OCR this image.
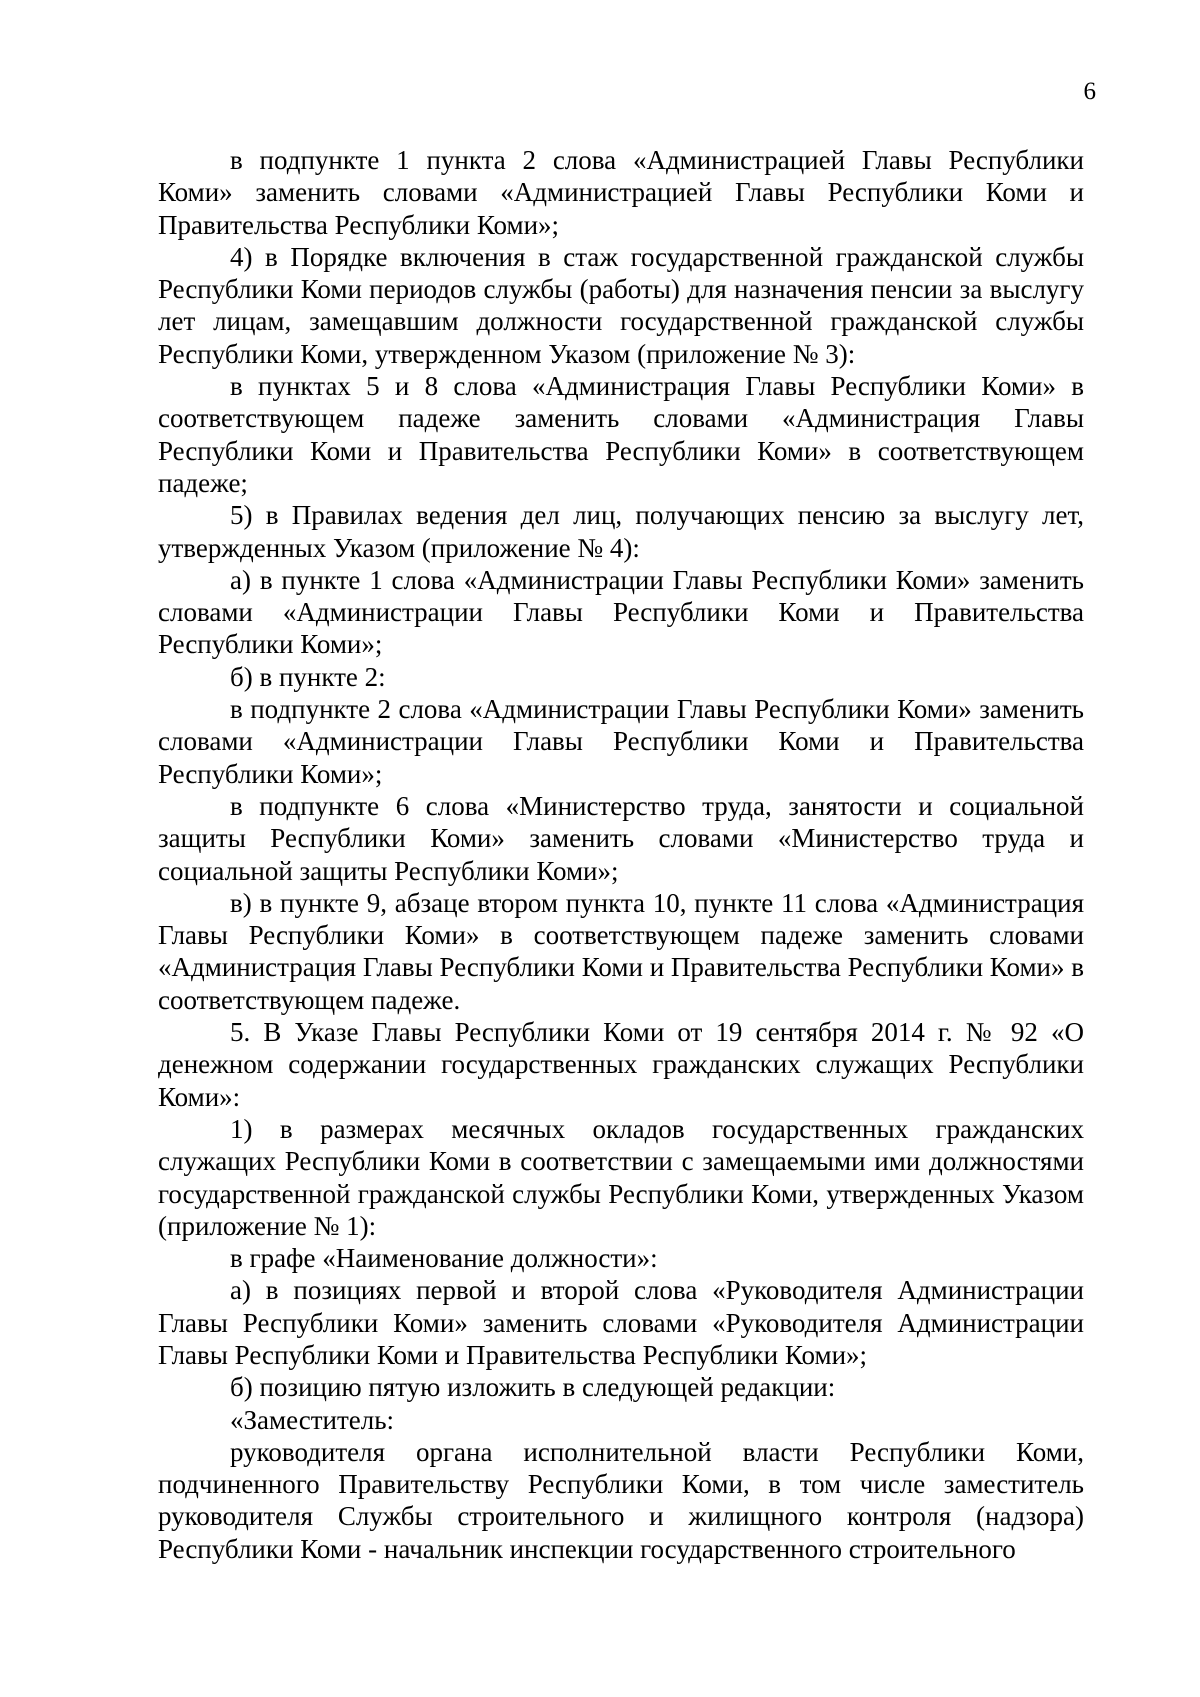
6

в подпункте 1 пункта 2 слова «Администрацией Главы Республики Коми» заменить словами «Администрацией Главы Республики Коми и Правительства Республики Коми»;

4) в Порядке включения в стаж государственной гражданской службы Республики Коми периодов службы (работы) для назначения пенсии за выслугу лет лицам, замещавшим должности государственной гражданской службы Республики Коми, утвержденном Указом (приложение № 3):

в пунктах 5 и 8 слова «Администрация Главы Республики Коми» в соответствующем падеже заменить словами «Администрация Главы Республики Коми и Правительства Республики Коми» в соответствующем падеже;

5) в Правилах ведения дел лиц, получающих пенсию за выслугу лет, утвержденных Указом (приложение № 4):

а) в пункте 1 слова «Администрации Главы Республики Коми» заменить словами «Администрации Главы Республики Коми и Правительства Республики Коми»;

б) в пункте 2:

в подпункте 2 слова «Администрации Главы Республики Коми» заменить словами «Администрации Главы Республики Коми и Правительства Республики Коми»;

в подпункте 6 слова «Министерство труда, занятости и социальной защиты Республики Коми» заменить словами «Министерство труда и социальной защиты Республики Коми»;

в) в пункте 9, абзаце втором пункта 10, пункте 11 слова «Администрация Главы Республики Коми» в соответствующем падеже заменить словами «Администрация Главы Республики Коми и Правительства Республики Коми» в соответствующем падеже.

5. В Указе Главы Республики Коми от 19 сентября 2014 г. № 92 «О денежном содержании государственных гражданских служащих Республики Коми»:

1) в размерах месячных окладов государственных гражданских служащих Республики Коми в соответствии с замещаемыми ими должностями государственной гражданской службы Республики Коми, утвержденных Указом (приложение № 1):

в графе «Наименование должности»:

а) в позициях первой и второй слова «Руководителя Администрации Главы Республики Коми» заменить словами «Руководителя Администрации Главы Республики Коми и Правительства Республики Коми»;

б) позицию пятую изложить в следующей редакции:

«Заместитель:

руководителя органа исполнительной власти Республики Коми, подчиненного Правительству Республики Коми, в том числе заместитель руководителя Службы строительного и жилищного контроля (надзора) Республики Коми - начальник инспекции государственного строительного
